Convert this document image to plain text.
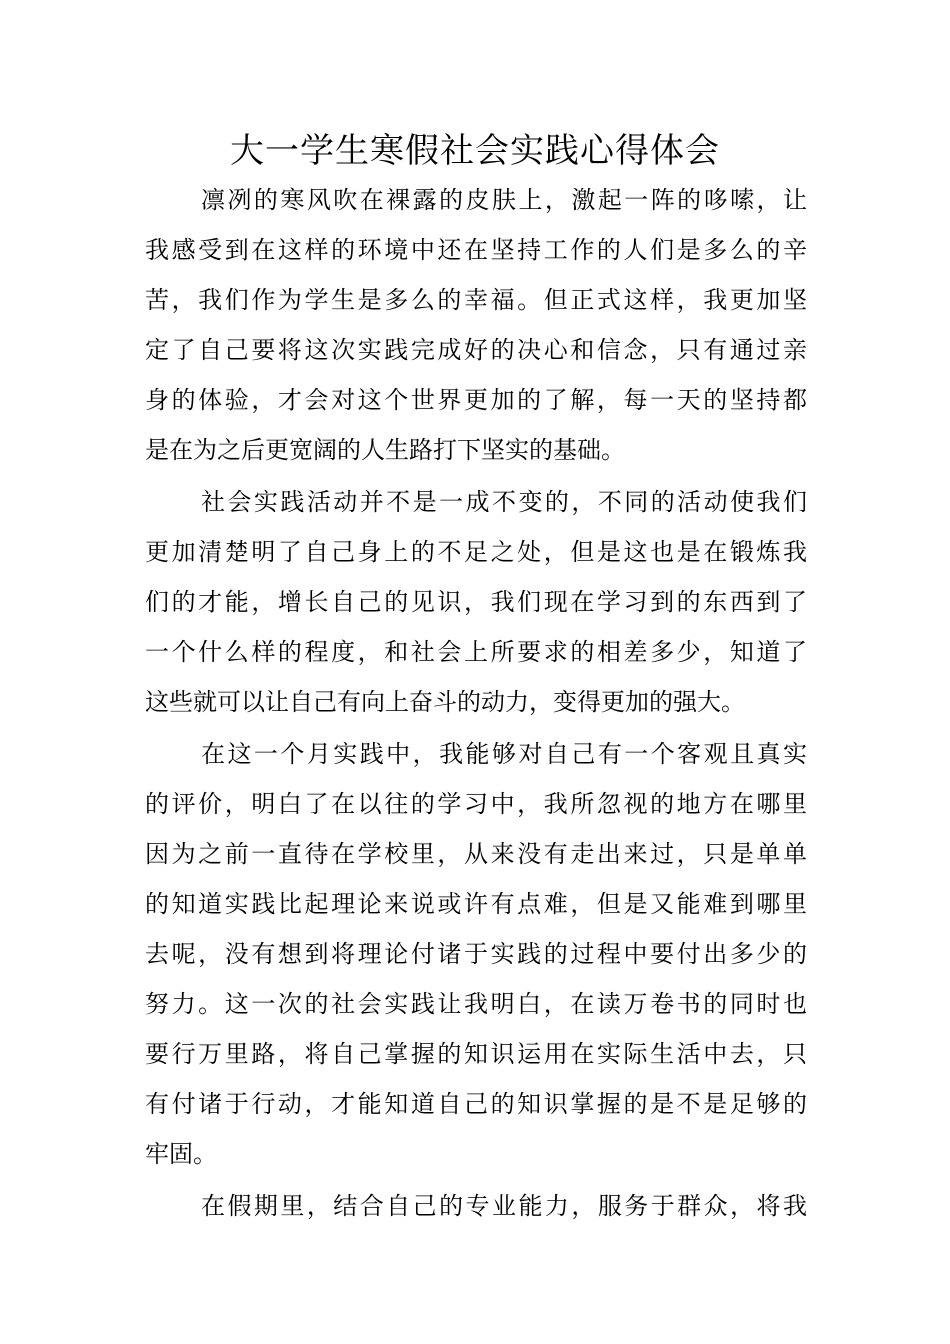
大一学生寒假社会实践心得体会
凛冽的寒风吹在裸露的皮肤上，激起一阵的哆嗦，让
我感受到在这样的环境中还在坚持工作的人们是多么的辛
苦，我们作为学生是多么的幸福。但正式这样，我更加坚
定了自己要将这次实践完成好的决心和信念，只有通过亲
身的体验，才会对这个世界更加的了解，每一天的坚持都
是在为之后更宽阔的人生路打下坚实的基础。
社会实践活动并不是一成不变的，不同的活动使我们
更加清楚明了自己身上的不足之处，但是这也是在锻炼我
们的才能，增长自己的见识，我们现在学习到的东西到了
一个什么样的程度，和社会上所要求的相差多少，知道了
这些就可以让自己有向上奋斗的动力，变得更加的强大。
在这一个月实践中，我能够对自己有一个客观且真实
的评价，明白了在以往的学习中，我所忽视的地方在哪里
因为之前一直待在学校里，从来没有走出来过，只是单单
的知道实践比起理论来说或许有点难，但是又能难到哪里
去呢，没有想到将理论付诸于实践的过程中要付出多少的
努力。这一次的社会实践让我明白，在读万卷书的同时也
要行万里路，将自己掌握的知识运用在实际生活中去，只
有付诸于行动，才能知道自己的知识掌握的是不是足够的
牢固。
在假期里，结合自己的专业能力，服务于群众，将我
